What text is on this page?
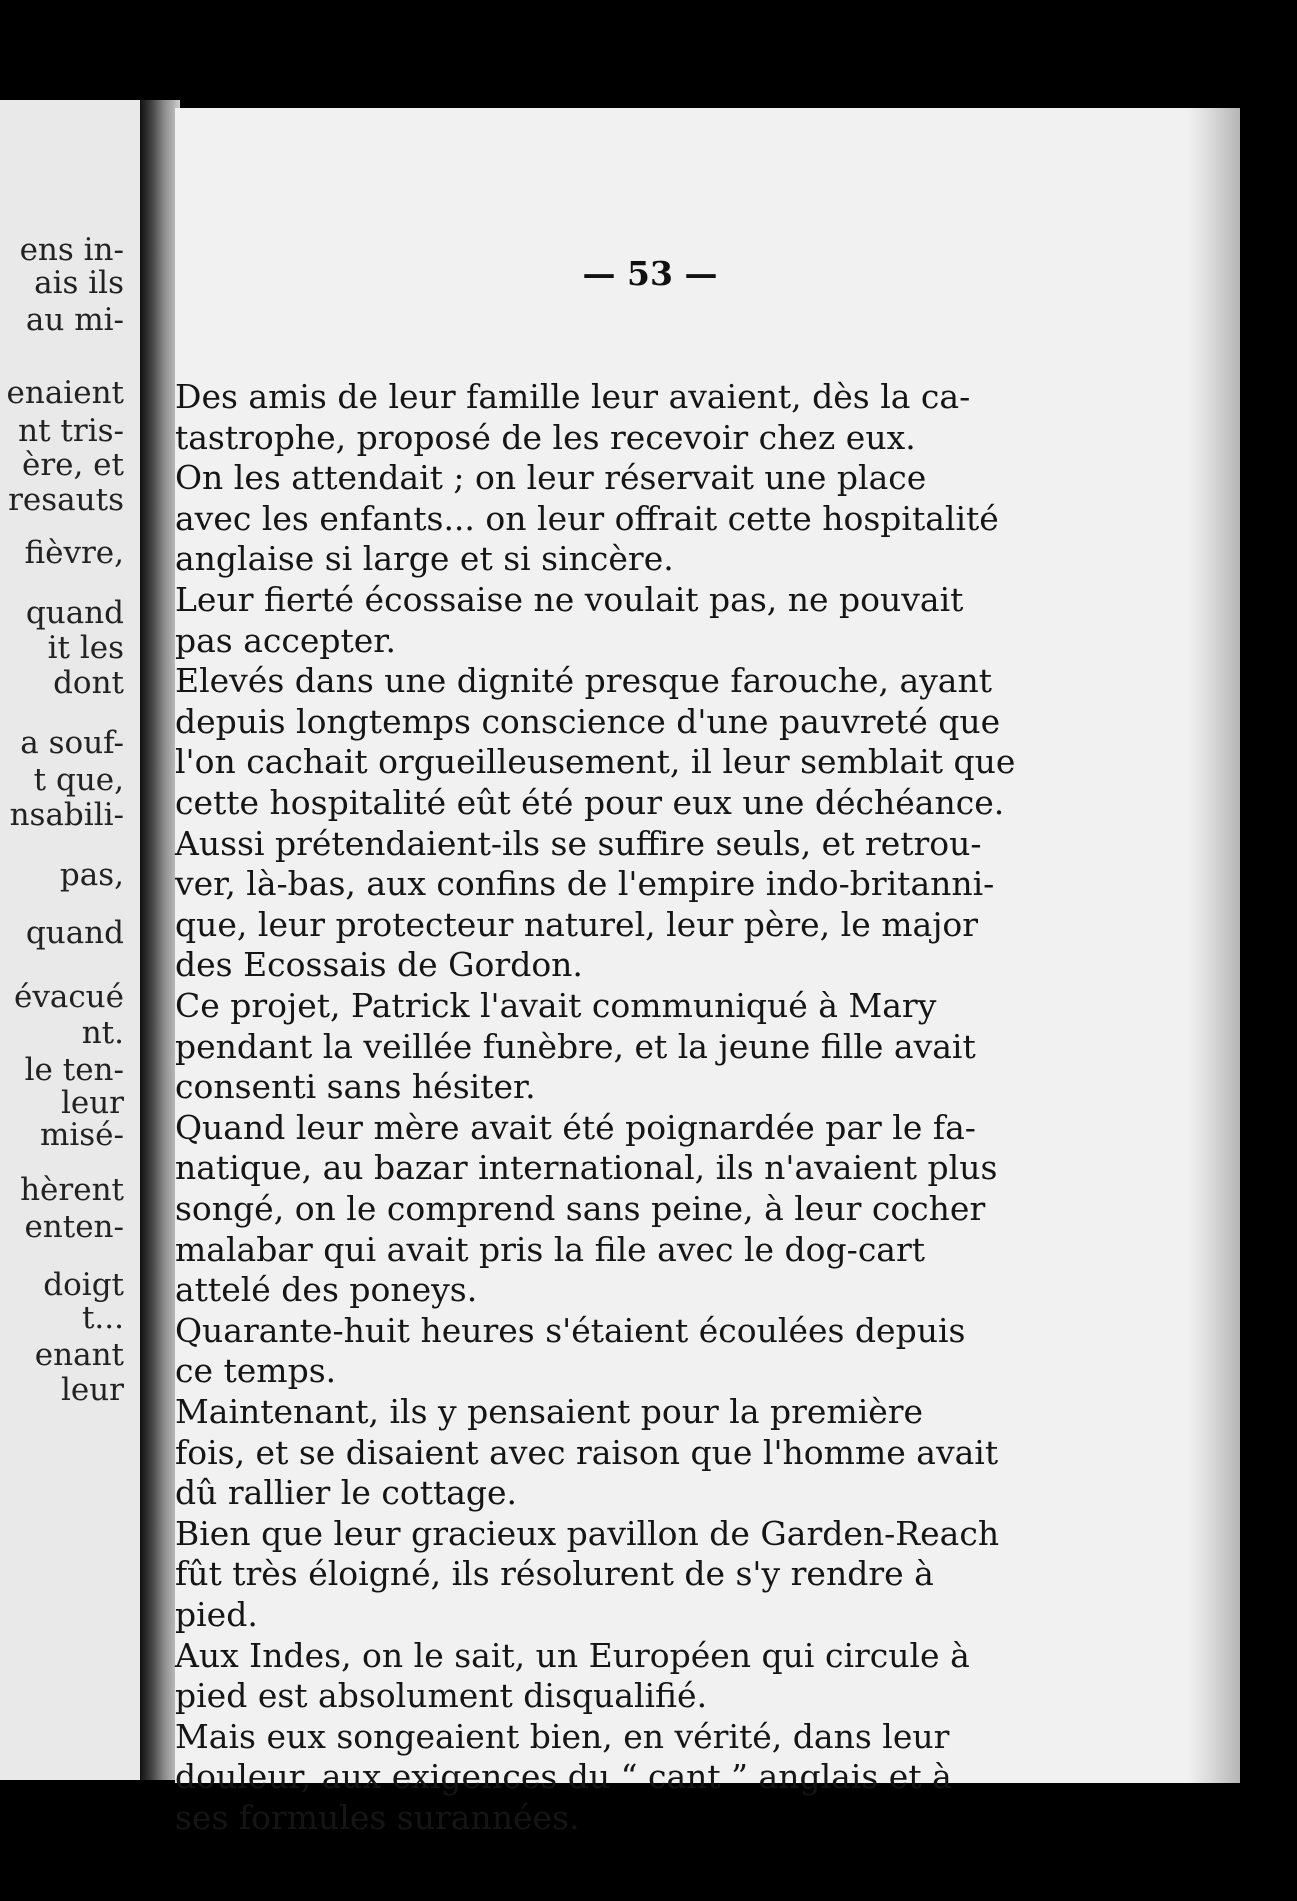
ens in-
ais ils
au mi-
enaient
nt tris-
ère, et
resauts
fièvre,
quand
it les
dont
a souf-
t que,
nsabili-
pas,
quand
évacué
nt.
le ten-
leur
misé-
hèrent
enten-
doigt
t...
enant
leur
— 53 —
Des amis de leur famille leur avaient, dès la ca-
tastrophe, proposé de les recevoir chez eux.
On les attendait ; on leur réservait une place
avec les enfants... on leur offrait cette hospitalité
anglaise si large et si sincère.
Leur fierté écossaise ne voulait pas, ne pouvait
pas accepter.
Elevés dans une dignité presque farouche, ayant
depuis longtemps conscience d'une pauvreté que
l'on cachait orgueilleusement, il leur semblait que
cette hospitalité eût été pour eux une déchéance.
Aussi prétendaient-ils se suffire seuls, et retrou-
ver, là-bas, aux confins de l'empire indo-britanni-
que, leur protecteur naturel, leur père, le major
des Ecossais de Gordon.
Ce projet, Patrick l'avait communiqué à Mary
pendant la veillée funèbre, et la jeune fille avait
consenti sans hésiter.
Quand leur mère avait été poignardée par le fa-
natique, au bazar international, ils n'avaient plus
songé, on le comprend sans peine, à leur cocher
malabar qui avait pris la file avec le dog-cart
attelé des poneys.
Quarante-huit heures s'étaient écoulées depuis
ce temps.
Maintenant, ils y pensaient pour la première
fois, et se disaient avec raison que l'homme avait
dû rallier le cottage.
Bien que leur gracieux pavillon de Garden-Reach
fût très éloigné, ils résolurent de s'y rendre à
pied.
Aux Indes, on le sait, un Européen qui circule à
pied est absolument disqualifié.
Mais eux songeaient bien, en vérité, dans leur
douleur, aux exigences du “ cant ” anglais et à
ses formules surannées.
